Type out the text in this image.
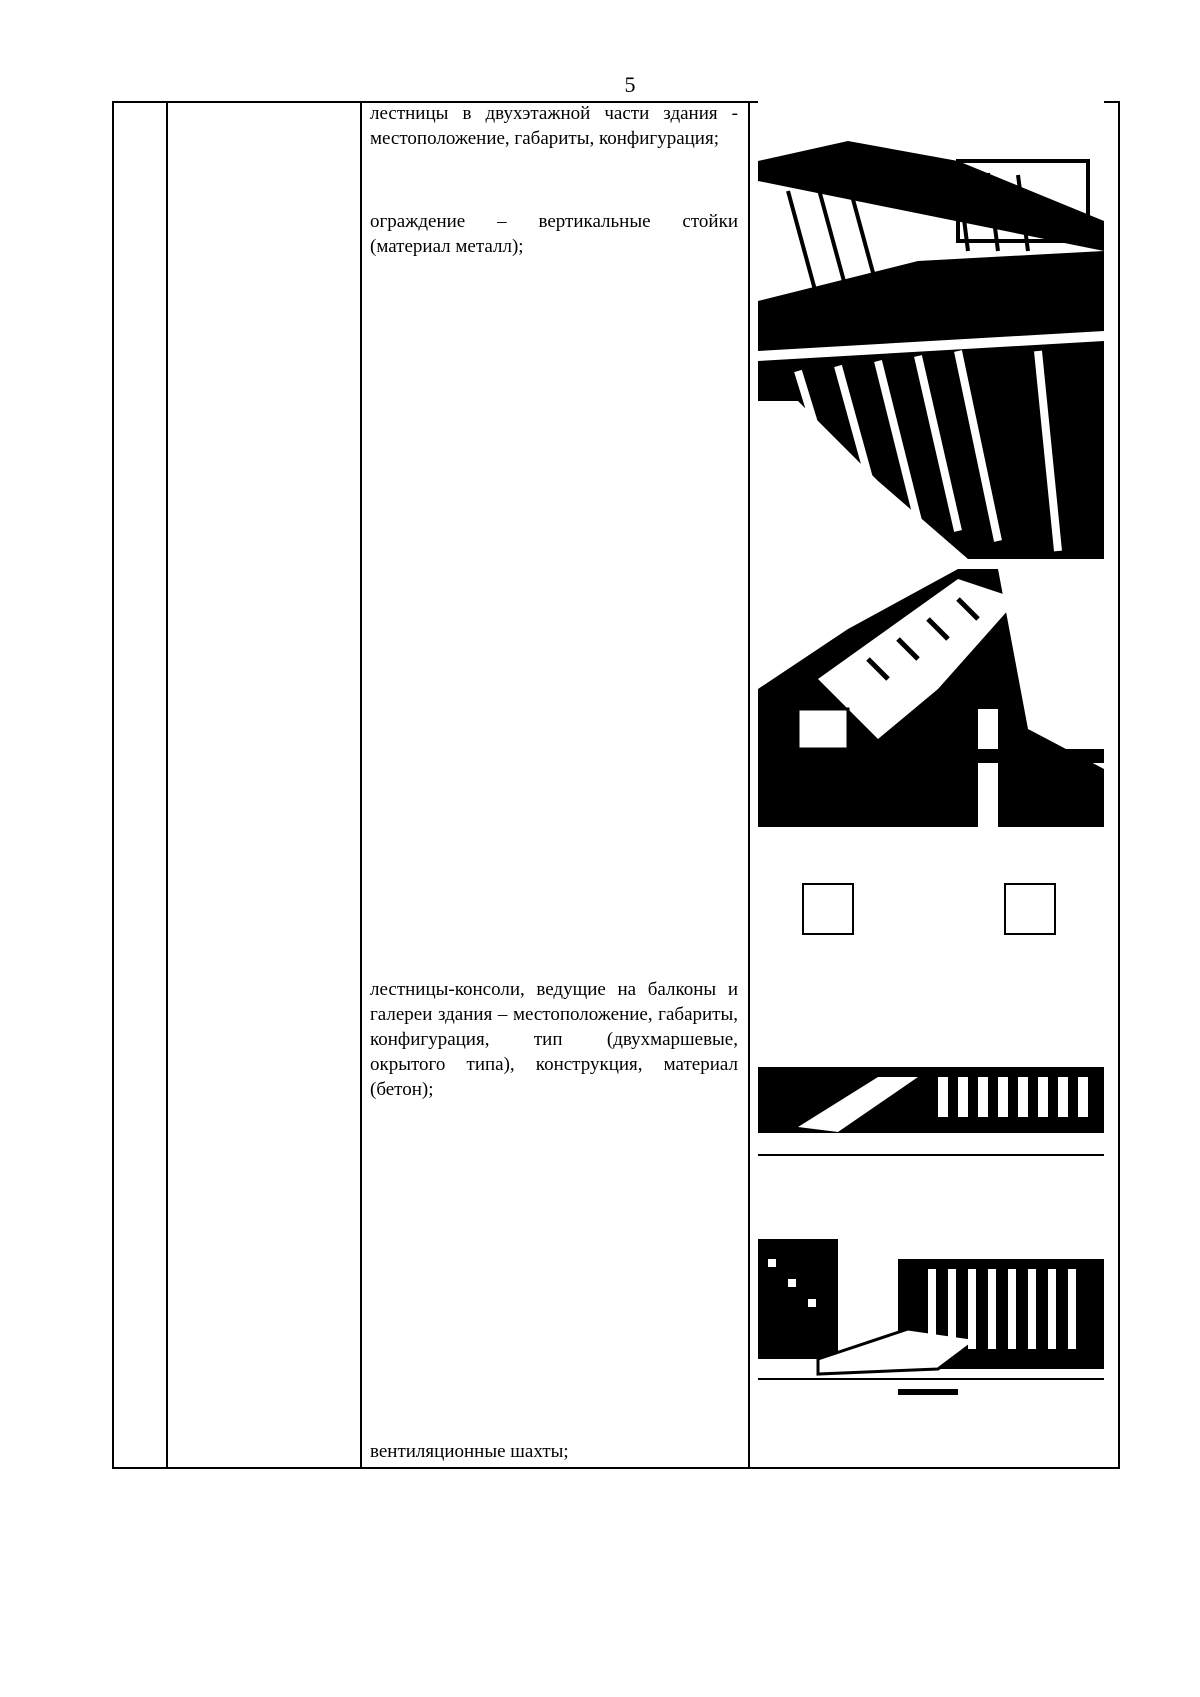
5
лестницы в двухэтажной части здания - местоположение, габариты, конфигурация;
ограждение – вертикальные стойки (материал металл);
лестницы-консоли, ведущие на балконы и галереи здания – местоположение, габариты, конфигурация, тип (двухмаршевые, окрытого типа), конструкция, материал (бетон);
вентиляционные шахты;
